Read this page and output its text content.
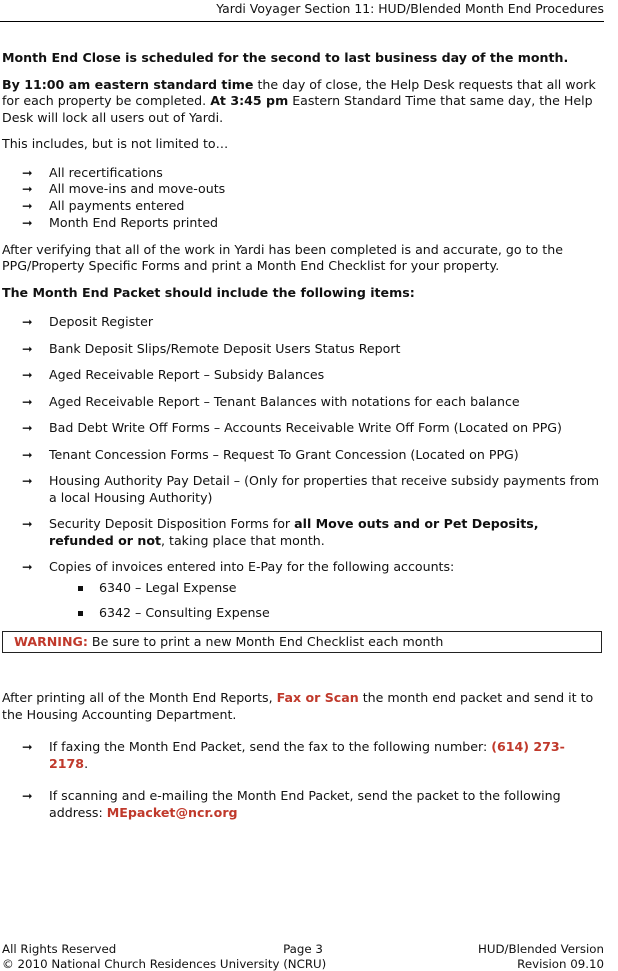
Yardi Voyager Section 11: HUD/Blended Month End Procedures

Month End Close is scheduled for the second to last business day of the month.

By 11:00 am eastern standard time the day of close, the Help Desk requests that all work for each property be completed. At 3:45 pm Eastern Standard Time that same day, the Help Desk will lock all users out of Yardi.

This includes, but is not limited to…

➞	All recertifications
➞	All move-ins and move-outs
➞	All payments entered
➞	Month End Reports printed

After verifying that all of the work in Yardi has been completed is and accurate, go to the PPG/Property Specific Forms and print a Month End Checklist for your property.

The Month End Packet should include the following items:

➞	Deposit Register
➞	Bank Deposit Slips/Remote Deposit Users Status Report
➞	Aged Receivable Report – Subsidy Balances
➞	Aged Receivable Report – Tenant Balances with notations for each balance
➞	Bad Debt Write Off Forms – Accounts Receivable Write Off Form (Located on PPG)
➞	Tenant Concession Forms – Request To Grant Concession (Located on PPG)
➞	Housing Authority Pay Detail – (Only for properties that receive subsidy payments from a local Housing Authority)
➞	Security Deposit Disposition Forms for all Move outs and or Pet Deposits, refunded or not, taking place that month.
➞	Copies of invoices entered into E-Pay for the following accounts:
6340 – Legal Expense
6342 – Consulting Expense
WARNING: Be sure to print a new Month End Checklist each month

After printing all of the Month End Reports, Fax or Scan the month end packet and send it to the Housing Accounting Department.

➞	If faxing the Month End Packet, send the fax to the following number: (614) 273-2178.
➞	If scanning and e-mailing the Month End Packet, send the packet to the following address: MEpacket@ncr.org
All Rights Reserved	Page 3	HUD/Blended Version
© 2010 National Church Residences University (NCRU)	Revision 09.10
